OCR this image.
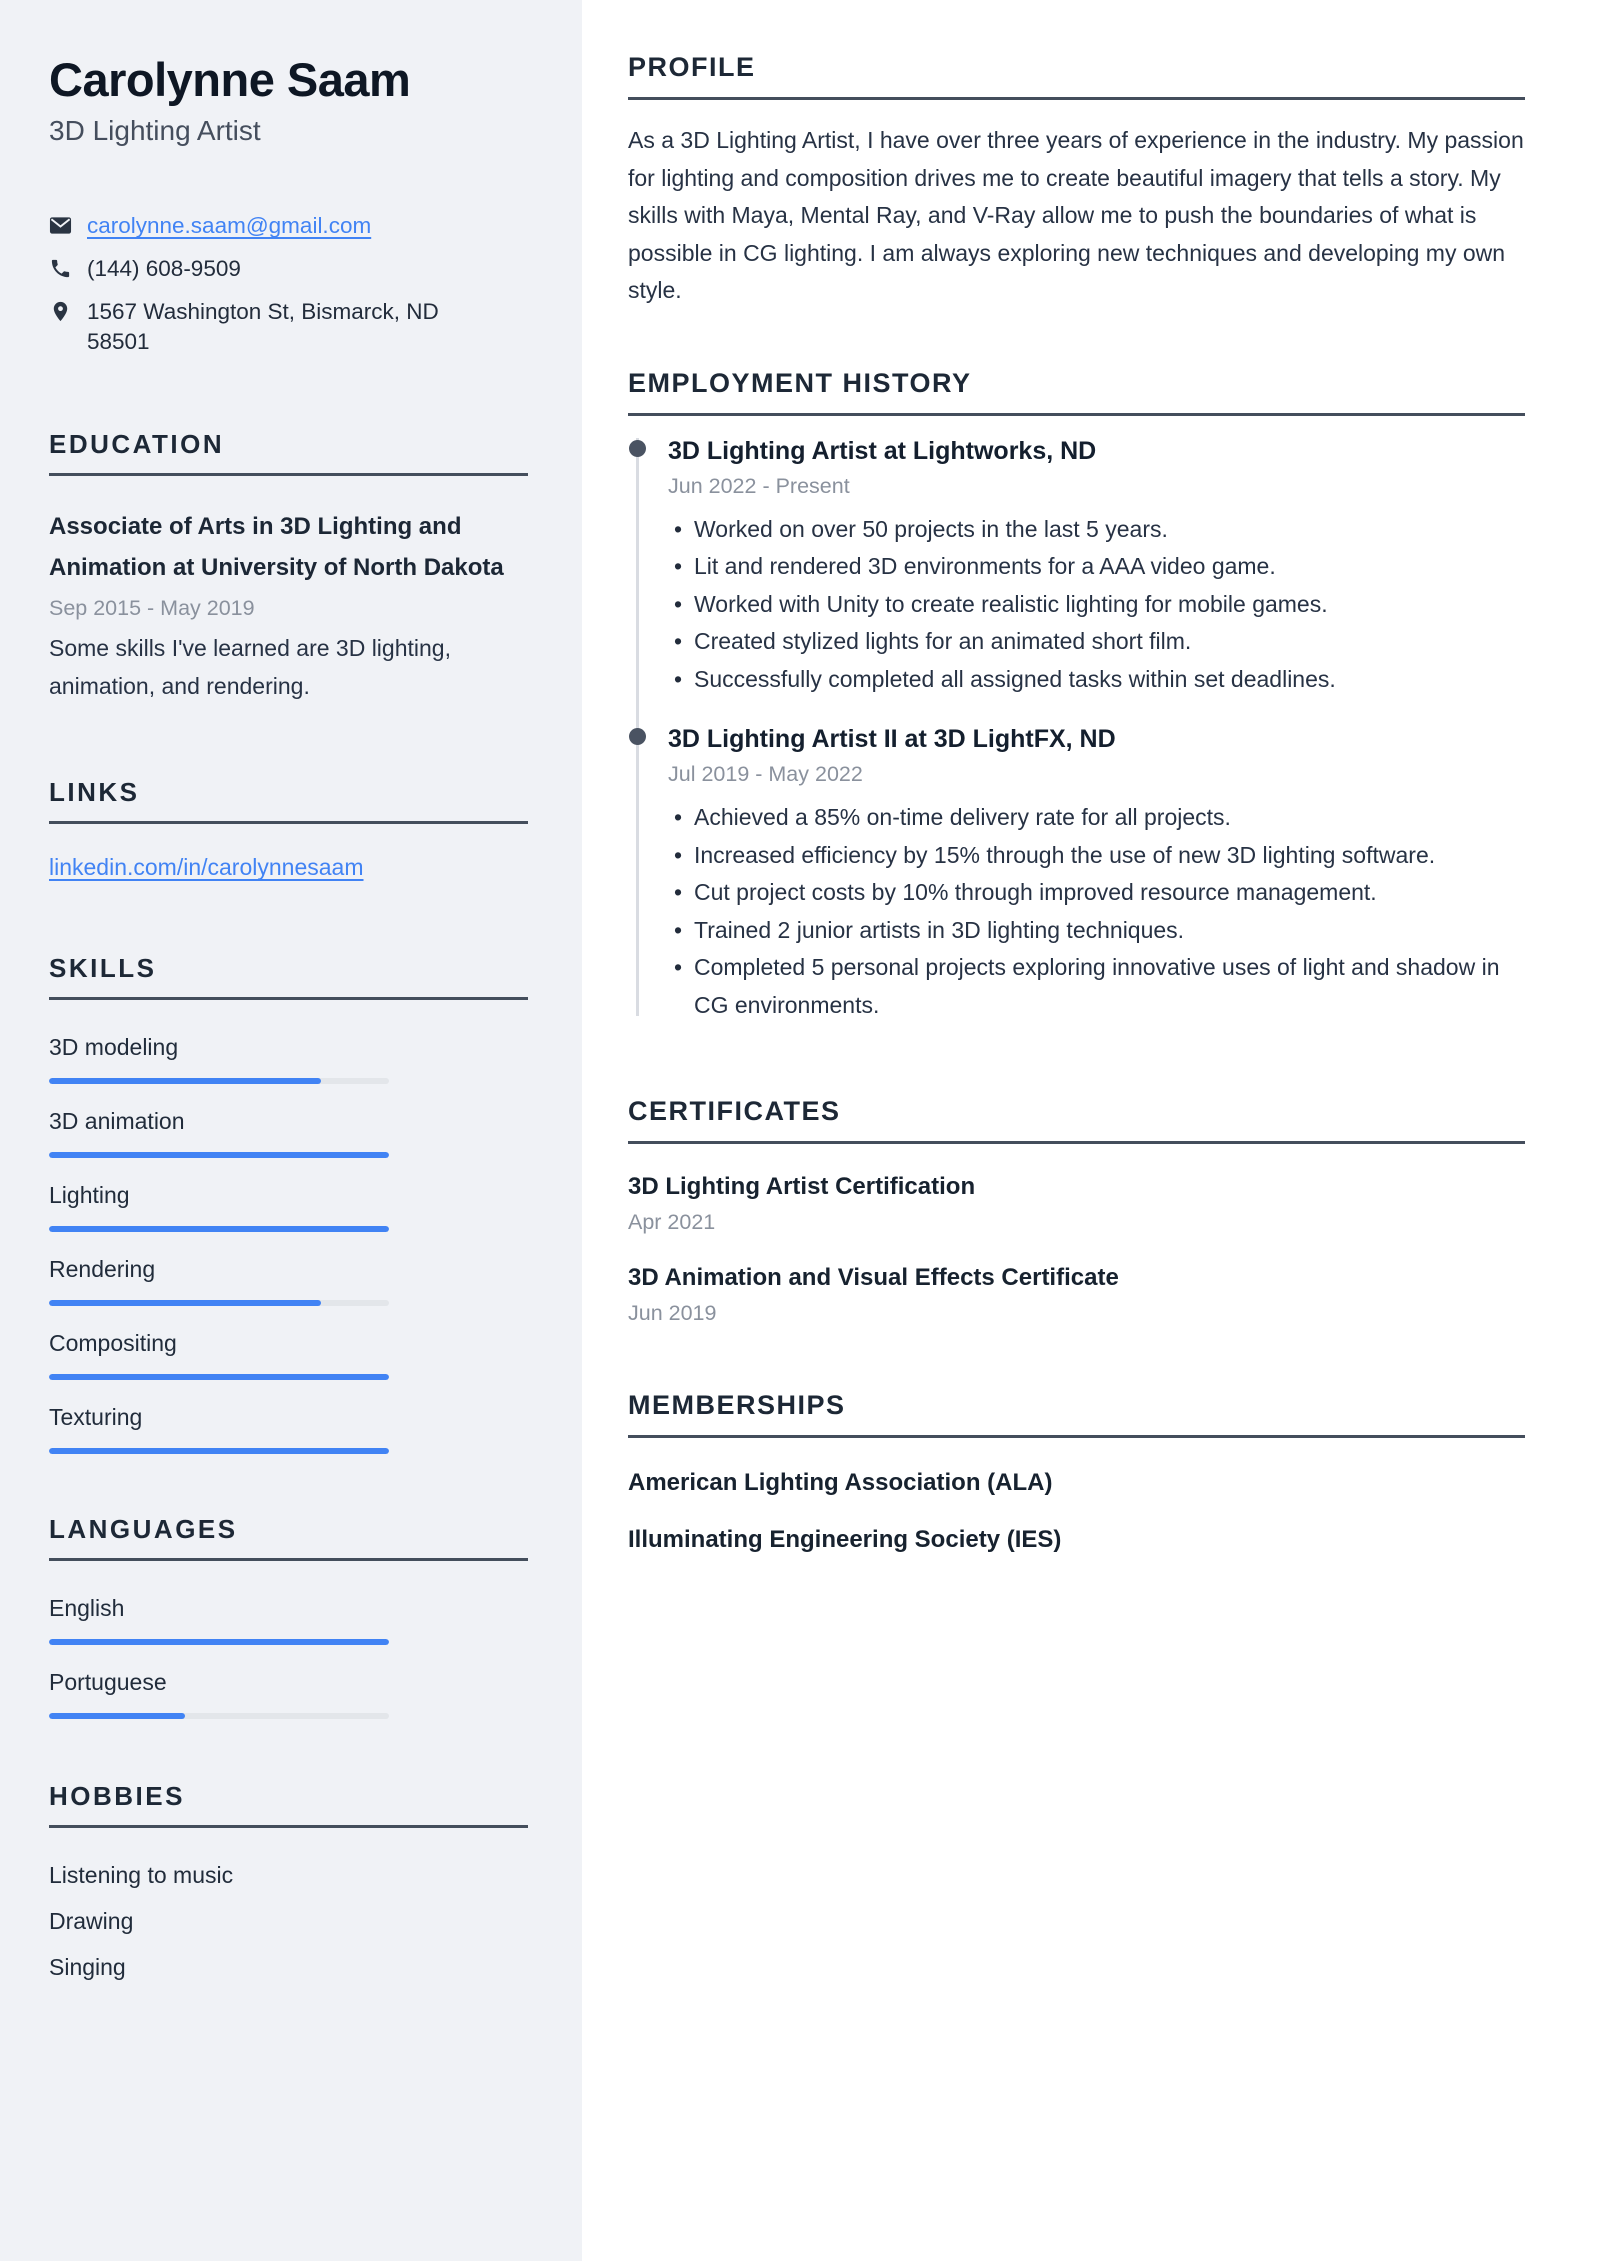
Carolynne Saam
3D Lighting Artist
carolynne.saam@gmail.com
(144) 608-9509
1567 Washington St, Bismarck, ND
58501
EDUCATION
Associate of Arts in 3D Lighting and Animation at University of North Dakota
Sep 2015 - May 2019
Some skills I've learned are 3D lighting, animation, and rendering.
LINKS
linkedin.com/in/carolynnesaam
SKILLS
3D modeling
3D animation
Lighting
Rendering
Compositing
Texturing
LANGUAGES
English
Portuguese
HOBBIES
Listening to music
Drawing
Singing
PROFILE

As a 3D Lighting Artist, I have over three years of experience in the industry. My passion for lighting and composition drives me to create beautiful imagery that tells a story. My skills with Maya, Mental Ray, and V-Ray allow me to push the boundaries of what is possible in CG lighting. I am always exploring new techniques and developing my own style.

EMPLOYMENT HISTORY
3D Lighting Artist at Lightworks, ND
Jun 2022 - Present
• Worked on over 50 projects in the last 5 years.
• Lit and rendered 3D environments for a AAA video game.
• Worked with Unity to create realistic lighting for mobile games.
• Created stylized lights for an animated short film.
• Successfully completed all assigned tasks within set deadlines.
3D Lighting Artist II at 3D LightFX, ND
Jul 2019 - May 2022
• Achieved a 85% on-time delivery rate for all projects.
• Increased efficiency by 15% through the use of new 3D lighting software.
• Cut project costs by 10% through improved resource management.
• Trained 2 junior artists in 3D lighting techniques.
• Completed 5 personal projects exploring innovative uses of light and shadow in CG environments.
CERTIFICATES
3D Lighting Artist Certification
Apr 2021
3D Animation and Visual Effects Certificate
Jun 2019
MEMBERSHIPS
American Lighting Association (ALA)
Illuminating Engineering Society (IES)
